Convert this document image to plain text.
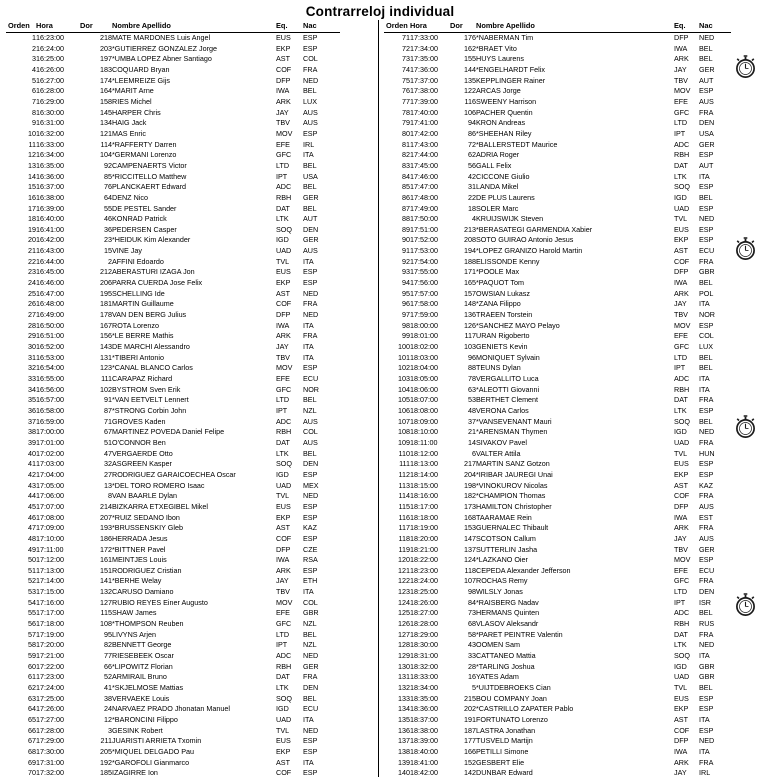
Contrarreloj individual
Orden	Hora	Dor	Nombre Apellido	Eq.	Nac
1	16:23:00	218	MATE MARDONES Luis Angel	EUS	ESP
2	16:24:00	203	*GUTIERREZ GONZALEZ Jorge	EKP	ESP
3	16:25:00	197	*UMBA LOPEZ Abner Santiago	AST	COL
4	16:26:00	183	COQUARD Bryan	COF	FRA
5	16:27:00	174	*LEEMREIZE Gijs	DFP	NED
6	16:28:00	164	*MARIT Arne	IWA	BEL
7	16:29:00	158	RIES Michel	ARK	LUX
8	16:30:00	145	HARPER Chris	JAY	AUS
9	16:31:00	134	HAIG Jack	TBV	AUS
10	16:32:00	121	MAS Enric	MOV	ESP
11	16:33:00	114	*RAFFERTY Darren	EFE	IRL
12	16:34:00	104	*GERMANI Lorenzo	GFC	ITA
13	16:35:00	92	CAMPENAERTS Victor	LTD	BEL
14	16:36:00	85	*RICCITELLO Matthew	IPT	USA
15	16:37:00	76	PLANCKAERT Edward	ADC	BEL
16	16:38:00	64	DENZ Nico	RBH	GER
17	16:39:00	55	DE PESTEL Sander	DAT	BEL
18	16:40:00	46	KONRAD Patrick	LTK	AUT
19	16:41:00	36	PEDERSEN Casper	SOQ	DEN
20	16:42:00	23	*HEIDUK Kim Alexander	IGD	GER
21	16:43:00	15	VINE Jay	UAD	AUS
22	16:44:00	2	AFFINI Edoardo	TVL	ITA
23	16:45:00	212	ABERASTURI IZAGA Jon	EUS	ESP
24	16:46:00	206	PARRA CUERDA Jose Felix	EKP	ESP
25	16:47:00	195	SCHELLING Ide	AST	NED
26	16:48:00	181	MARTIN Guillaume	COF	FRA
27	16:49:00	178	VAN DEN BERG Julius	DFP	NED
28	16:50:00	167	ROTA Lorenzo	IWA	ITA
29	16:51:00	156	*LE BERRE Mathis	ARK	FRA
30	16:52:00	143	DE MARCHI Alessandro	JAY	ITA
31	16:53:00	131	*TIBERI Antonio	TBV	ITA
32	16:54:00	123	*CANAL BLANCO Carlos	MOV	ESP
33	16:55:00	111	CARAPAZ Richard	EFE	ECU
34	16:56:00	102	BYSTROM Sven Erik	GFC	NOR
35	16:57:00	91	*VAN EETVELT Lennert	LTD	BEL
36	16:58:00	87	*STRONG Corbin John	IPT	NZL
37	16:59:00	71	GROVES Kaden	ADC	AUS
38	17:00:00	67	MARTINEZ POVEDA Daniel Felipe	RBH	COL
39	17:01:00	51	O'CONNOR Ben	DAT	AUS
40	17:02:00	47	VERGAERDE Otto	LTK	BEL
41	17:03:00	32	ASGREEN Kasper	SOQ	DEN
42	17:04:00	27	RODRIGUEZ GARAICOECHEA Oscar	IGD	ESP
43	17:05:00	13	*DEL TORO ROMERO Isaac	UAD	MEX
44	17:06:00	8	VAN BAARLE Dylan	TVL	NED
45	17:07:00	214	BIZKARRA ETXEGIBEL Mikel	EUS	ESP
46	17:08:00	207	*RUIZ SEDANO Ibon	EKP	ESP
47	17:09:00	193	*BRUSSENSKIY Gleb	AST	KAZ
48	17:10:00	186	HERRADA Jesus	COF	ESP
49	17:11:00	172	*BITTNER Pavel	DFP	CZE
50	17:12:00	161	MEINTJES Louis	IWA	RSA
51	17:13:00	151	RODRIGUEZ Cristian	ARK	ESP
52	17:14:00	141	*BERHE Welay	JAY	ETH
53	17:15:00	132	CARUSO Damiano	TBV	ITA
54	17:16:00	127	RUBIO REYES Einer Augusto	MOV	COL
55	17:17:00	115	SHAW James	EFE	GBR
56	17:18:00	108	*THOMPSON Reuben	GFC	NZL
57	17:19:00	95	LIVYNS Arjen	LTD	BEL
58	17:20:00	82	BENNETT George	IPT	NZL
59	17:21:00	77	RIESEBEEK Oscar	ADC	NED
60	17:22:00	66	*LIPOWITZ Florian	RBH	GER
61	17:23:00	52	ARMIRAIL Bruno	DAT	FRA
62	17:24:00	41	*SKJELMOSE Mattias	LTK	DEN
63	17:25:00	38	VERVAEKE Louis	SOQ	BEL
64	17:26:00	24	NARVAEZ PRADO Jhonatan Manuel	IGD	ECU
65	17:27:00	12	*BARONCINI Filippo	UAD	ITA
66	17:28:00	3	GESINK Robert	TVL	NED
67	17:29:00	211	JUARISTI ARRIETA Txomin	EUS	ESP
68	17:30:00	205	*MIQUEL DELGADO Pau	EKP	ESP
69	17:31:00	192	*GAROFOLI Gianmarco	AST	ITA
70	17:32:00	185	IZAGIRRE Ion	COF	ESP
Orden	Hora	Dor	Nombre Apellido	Eq.	Nac
71	17:33:00	176	*NABERMAN Tim	DFP	NED
72	17:34:00	162	*BRAET Vito	IWA	BEL
73	17:35:00	155	HUYS Laurens	ARK	BEL
74	17:36:00	144	*ENGELHARDT Felix	JAY	GER
75	17:37:00	135	KEPPLINGER Rainer	TBV	AUT
76	17:38:00	122	ARCAS Jorge	MOV	ESP
77	17:39:00	116	SWEENY Harrison	EFE	AUS
78	17:40:00	106	PACHER Quentin	GFC	FRA
79	17:41:00	94	KRON Andreas	LTD	DEN
80	17:42:00	86	*SHEEHAN Riley	IPT	USA
81	17:43:00	72	*BALLERSTEDT Maurice	ADC	GER
82	17:44:00	62	ADRIA Roger	RBH	ESP
83	17:45:00	56	GALL Felix	DAT	AUT
84	17:46:00	42	CICCONE Giulio	LTK	ITA
85	17:47:00	31	LANDA Mikel	SOQ	ESP
86	17:48:00	22	DE PLUS Laurens	IGD	BEL
87	17:49:00	18	SOLER Marc	UAD	ESP
88	17:50:00	4	KRUIJSWIJK Steven	TVL	NED
89	17:51:00	213	*BERASATEGI GARMENDIA Xabier	EUS	ESP
90	17:52:00	208	SOTO GUIRAO Antonio Jesus	EKP	ESP
91	17:53:00	194	*LOPEZ GRANIZO Harold Martin	AST	ECU
92	17:54:00	188	ELISSONDE Kenny	COF	FRA
93	17:55:00	171	*POOLE Max	DFP	GBR
94	17:56:00	165	*PAQUOT Tom	IWA	BEL
95	17:57:00	157	OWSIAN Lukasz	ARK	POL
96	17:58:00	148	*ZANA Filippo	JAY	ITA
97	17:59:00	136	TRAEEN Torstein	TBV	NOR
98	18:00:00	126	*SANCHEZ MAYO Pelayo	MOV	ESP
99	18:01:00	117	URAN Rigoberto	EFE	COL
100	18:02:00	103	GENIETS Kevin	GFC	LUX
101	18:03:00	96	MONIQUET Sylvain	LTD	BEL
102	18:04:00	88	TEUNS Dylan	IPT	BEL
103	18:05:00	78	VERGALLITO Luca	ADC	ITA
104	18:06:00	63	*ALEOTTI Giovanni	RBH	ITA
105	18:07:00	53	BERTHET Clement	DAT	FRA
106	18:08:00	48	VERONA Carlos	LTK	ESP
107	18:09:00	37	*VANSEVENANT Mauri	SOQ	BEL
108	18:10:00	21	*ARENSMAN Thymen	IGD	NED
109	18:11:00	14	SIVAKOV Pavel	UAD	FRA
110	18:12:00	6	VALTER Attila	TVL	HUN
111	18:13:00	217	MARTIN SANZ Gotzon	EUS	ESP
112	18:14:00	204	*IRIBAR JAUREGI Unai	EKP	ESP
113	18:15:00	198	*VINOKUROV Nicolas	AST	KAZ
114	18:16:00	182	*CHAMPION Thomas	COF	FRA
115	18:17:00	173	HAMILTON Christopher	DFP	AUS
116	18:18:00	168	TAARAMAE Rein	IWA	EST
117	18:19:00	153	GUERNALEC Thibault	ARK	FRA
118	18:20:00	147	SCOTSON Callum	JAY	AUS
119	18:21:00	137	SUTTERLIN Jasha	TBV	GER
120	18:22:00	124	*LAZKANO Oier	MOV	ESP
121	18:23:00	118	CEPEDA Alexander Jefferson	EFE	ECU
122	18:24:00	107	ROCHAS Remy	GFC	FRA
123	18:25:00	98	WILSLY Jonas	LTD	DEN
124	18:26:00	84	*RAISBERG Nadav	IPT	ISR
125	18:27:00	73	HERMANS Quinten	ADC	BEL
126	18:28:00	68	VLASOV Aleksandr	RBH	RUS
127	18:29:00	58	*PARET PEINTRE Valentin	DAT	FRA
128	18:30:00	43	OOMEN Sam	LTK	NED
129	18:31:00	33	CATTANEO Mattia	SOQ	ITA
130	18:32:00	28	*TARLING Joshua	IGD	GBR
131	18:33:00	16	YATES Adam	UAD	GBR
132	18:34:00	5	*UIJTDEBROEKS Cian	TVL	BEL
133	18:35:00	215	BOU COMPANY Joan	EUS	ESP
134	18:36:00	202	*CASTRILLO ZAPATER Pablo	EKP	ESP
135	18:37:00	191	FORTUNATO Lorenzo	AST	ITA
136	18:38:00	187	LASTRA Jonathan	COF	ESP
137	18:39:00	177	TUSVELD Martijn	DFP	NED
138	18:40:00	166	PETILLI Simone	IWA	ITA
139	18:41:00	152	GESBERT Elie	ARK	FRA
140	18:42:00	142	DUNBAR Edward	JAY	IRL
